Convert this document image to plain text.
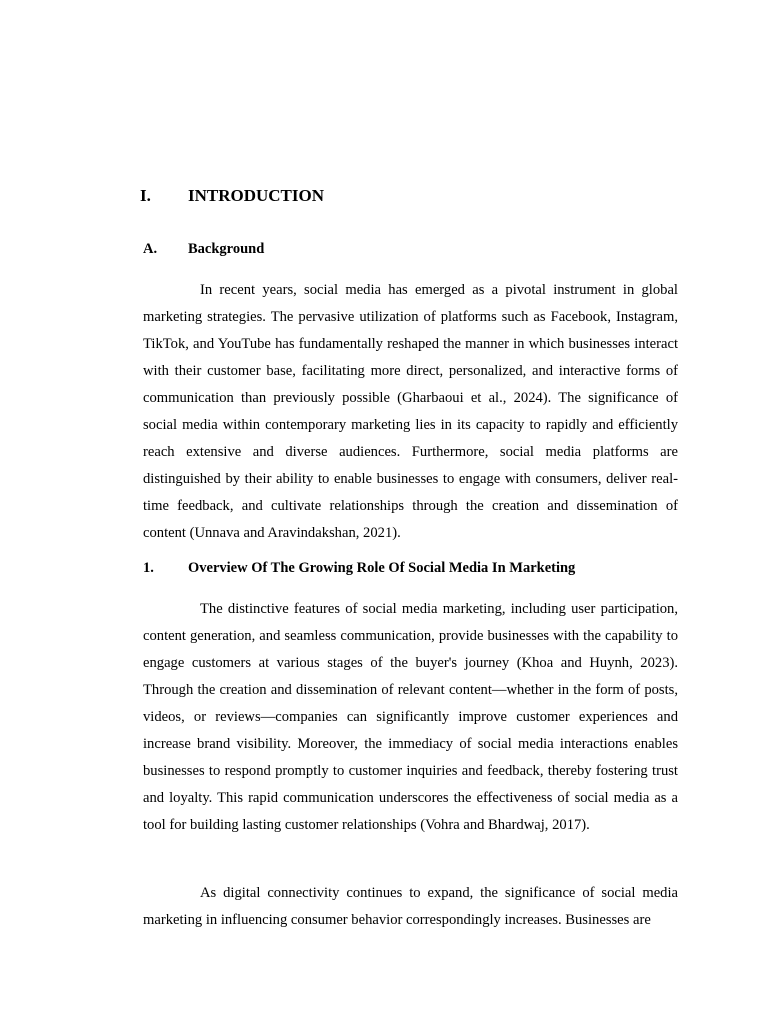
I. INTRODUCTION
A. Background

In recent years, social media has emerged as a pivotal instrument in global marketing strategies. The pervasive utilization of platforms such as Facebook, Instagram, TikTok, and YouTube has fundamentally reshaped the manner in which businesses interact with their customer base, facilitating more direct, personalized, and interactive forms of communication than previously possible (Gharbaoui et al., 2024). The significance of social media within contemporary marketing lies in its capacity to rapidly and efficiently reach extensive and diverse audiences. Furthermore, social media platforms are distinguished by their ability to enable businesses to engage with consumers, deliver real-time feedback, and cultivate relationships through the creation and dissemination of content (Unnava and Aravindakshan, 2021).

1. Overview Of The Growing Role Of Social Media In Marketing

The distinctive features of social media marketing, including user participation, content generation, and seamless communication, provide businesses with the capability to engage customers at various stages of the buyer's journey (Khoa and Huynh, 2023). Through the creation and dissemination of relevant content—whether in the form of posts, videos, or reviews—companies can significantly improve customer experiences and increase brand visibility. Moreover, the immediacy of social media interactions enables businesses to respond promptly to customer inquiries and feedback, thereby fostering trust and loyalty. This rapid communication underscores the effectiveness of social media as a tool for building lasting customer relationships (Vohra and Bhardwaj, 2017).

As digital connectivity continues to expand, the significance of social media marketing in influencing consumer behavior correspondingly increases. Businesses are
